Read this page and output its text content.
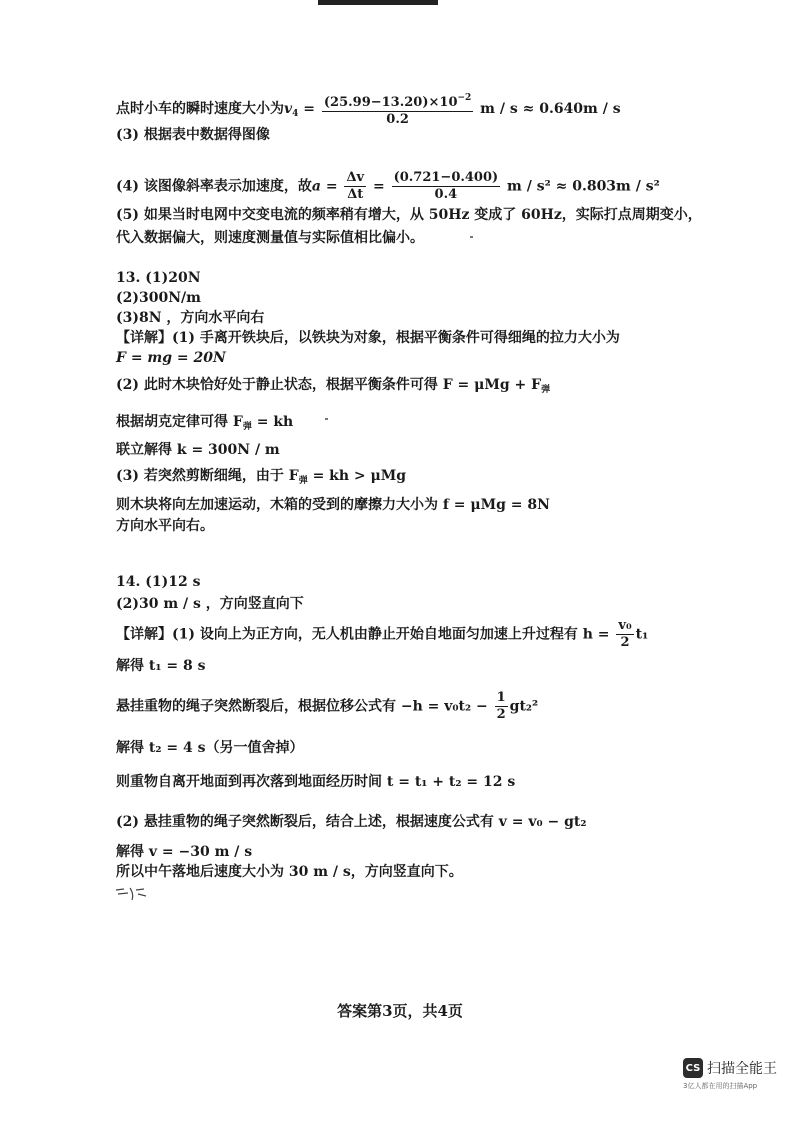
点时小车的瞬时速度大小为$v_4 = \frac{(25.99-13.20)\times 10^{-2}}{0.2}$ m / s ≈ 0.640m / s
(3) 根据表中数据得图像
(4) 该图像斜率表示加速度，故$a = \frac{\Delta v}{\Delta t} = \frac{(0.721-0.400)}{0.4}$ m / s² ≈ 0.803m / s²
(5) 如果当时电网中交变电流的频率稍有增大，从 50Hz 变成了 60Hz，实际打点周期变小，
代入数据偏大，则速度测量值与实际值相比偏小。
13. (1)20N
(2)300N/m
(3)8N ，方向水平向右
【详解】(1) 手离开铁块后，以铁块为对象，根据平衡条件可得细绳的拉力大小为
F = mg = 20N
(2) 此时木块恰好处于静止状态，根据平衡条件可得 $F = \mu Mg + F_弹$
根据胡克定律可得 $F_弹$ = kh
联立解得 k = 300N / m
(3) 若突然剪断细绳，由于 $F_弹$ = kh > μMg
则木块将向左加速运动，木箱的受到的摩擦力大小为 f = μMg = 8N
方向水平向右。
14. (1)12 s
(2)30 m / s ，方向竖直向下
【详解】(1) 设向上为正方向，无人机由静止开始自地面匀加速上升过程有 $h = \frac{\text{v₀}}{2} t_1$
解得 t₁ = 8 s
悬挂重物的绳子突然断裂后，根据位移公式有 $-h = v_0t_2 - \frac{1}{2} gt_2^2$
解得 t₂ = 4 s（另一值舍掉）
则重物自离开地面到再次落到地面经历时间 t = t₁ + t₂ = 12 s
(2) 悬挂重物的绳子突然断裂后，结合上述，根据速度公式有 v = v₀ − gt₂
解得 v = −30 m / s
所以中午落地后速度大小为 30 m / s，方向竖直向下。
答案第3页，共4页
CS 扫描全能王
3亿人都在用的扫描App
